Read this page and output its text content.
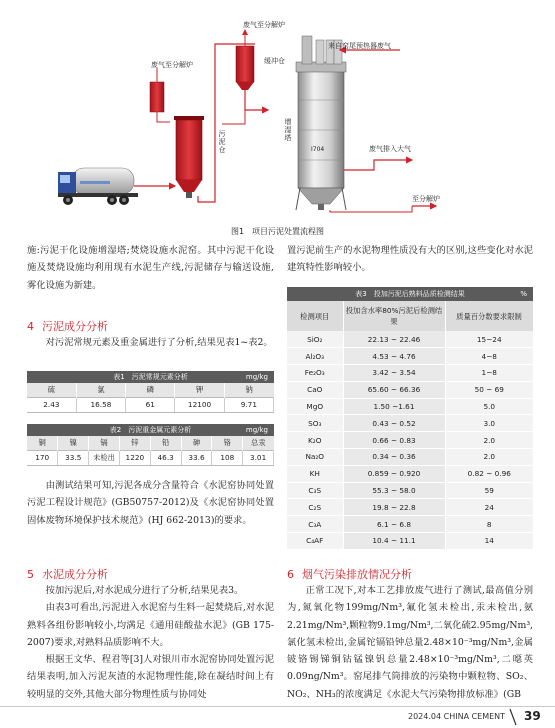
废气至分解炉
废气至分解炉
来自窑尾预热器废气
缓冲仓
污泥仓	增湿塔
废气排入大气
至分解炉
Ⅰ704
图1　项目污泥处置流程图

施:污泥干化设施增湿塔;焚烧设施水泥窑。其中污泥干化设施及焚烧设施均利用现有水泥生产线,污泥储存与输送设施,雾化设施为新建。

4 污泥成分分析

对污泥常规元素及重金属进行了分析,结果见表1~表2。

表1　污泥常规元素分析	mg/kg
硫	氯	磷	钾	钠
2.43	16.58	61	12100	9.71
表2　污泥重金属元素分析	mg/kg
铜	镍	镉	锌	铅	砷	铬	总汞
170	33.5	未检出	1220	46.3	33.6	108	3.01

由测试结果可知,污泥各成分含量符合《水泥窑协同处置污泥工程设计规范》(GB50757-2012)及《水泥窑协同处置固体废物环境保护技术规范》(HJ 662-2013)的要求。

5 水泥成分分析

按加污泥后,对水泥成分进行了分析,结果见表3。

由表3可看出,污泥进入水泥窑与生料一起焚烧后,对水泥熟料各组份影响较小,均满足《通用硅酸盐水泥》(GB 175-2007)要求,对熟料品质影响不大。

根据王文华、程君等[3]人对银川市水泥窑协同处置污泥结果表明,加入污泥灰渣的水泥物理性能,除在凝结时间上有较明显的交外,其他大部分物理性质与协同处

置污泥前生产的水泥物理性质没有大的区别,这些变化对水泥建筑特性影响较小。

表3　投加污泥后熟料品质检测结果	%
检测项目	投加含水率80%污泥后检测结果	质量百分数要求限制
SiO₂	22.13 ~ 22.46	15~24
Al₂O₃	4.53 ~ 4.76	4~8
Fe₂O₃	3.42 ~ 3.54	1~8
CaO	65.60 ~ 66.36	50 ~ 69
MgO	1.50 ~1.61	5.0
SO₃	0.43 ~ 0.52	3.0
K₂O	0.66 ~ 0.83	2.0
Na₂O	0.34 ~ 0.36	2.0
KH	0.859 ~ 0.920	0.82 ~ 0.96
C₃S	55.3 ~ 58.0	59
C₂S	19.8 ~ 22.8	24
C₃A	6.1 ~ 6.8	8
C₄AF	10.4 ~ 11.1	14
6 烟气污染排放情况分析

正常工况下,对本工艺排放废气进行了测试,最高值分别为,氮氧化物199mg/Nm³,氟化氢未检出,汞未检出,氨2.21mg/Nm³,颗粒物9.1mg/Nm³,二氧化硫2.95mg/Nm³,氯化氢未检出,金属铊镉铅钟总量2.48×10⁻³mg/Nm³,金属铍铬锡锑铜钴锰镍钒总量2.48×10⁻³mg/Nm³,二噁英0.09ng/Nm³。窑尾排气筒排放的污染物中颗粒物、SO₂、NO₂、NH₃的浓度满足《水泥大气污染物排放标准》(GB

2024.04 CHINA CEMENT 39
